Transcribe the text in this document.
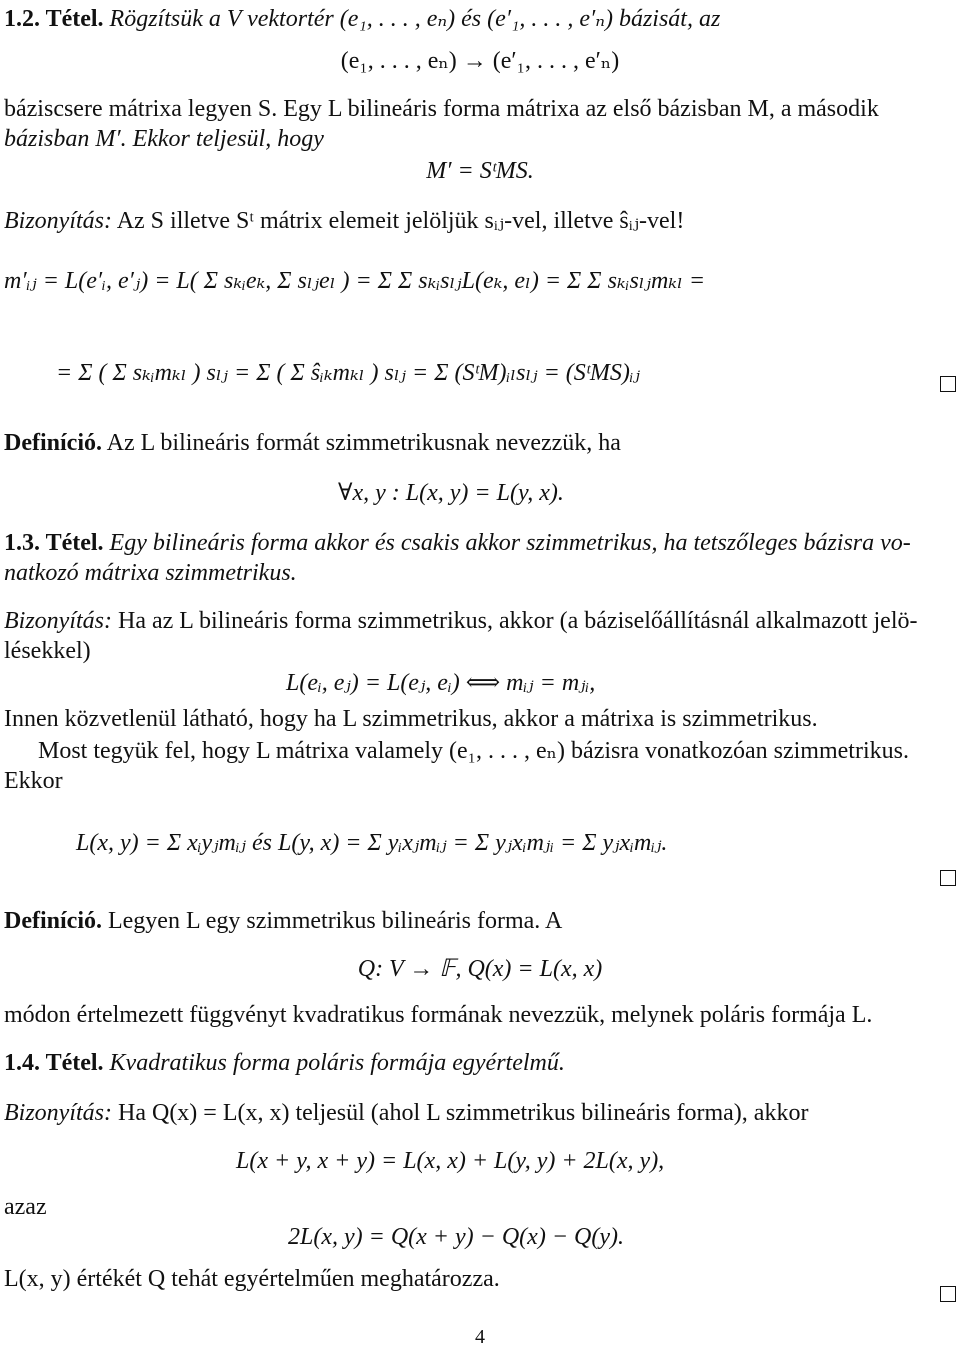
1.2. Tétel. Rögzítsük a V vektortér (e₁, . . . , eₙ) és (e′₁, . . . , e′ₙ) bázisát, az
(e₁, . . . , eₙ) → (e′₁, . . . , e′ₙ)
báziscsere mátrixa legyen S. Egy L bilineáris forma mátrixa az első bázisban M, a második
bázisban M′. Ekkor teljesül, hogy
M′ = SᵗMS.
Bizonyítás: Az S illetve Sᵗ mátrix elemeit jelöljük sᵢⱼ-vel, illetve ŝᵢⱼ-vel!
m′ᵢⱼ = L(e′ᵢ, e′ⱼ) = L( Σ sₖᵢeₖ, Σ sₗⱼeₗ ) = Σ Σ sₖᵢsₗⱼL(eₖ, eₗ) = Σ Σ sₖᵢsₗⱼmₖₗ =
= Σ ( Σ sₖᵢmₖₗ ) sₗⱼ = Σ ( Σ ŝᵢₖmₖₗ ) sₗⱼ = Σ (SᵗM)ᵢₗsₗⱼ = (SᵗMS)ᵢⱼ
Definíció. Az L bilineáris formát szimmetrikusnak nevezzük, ha
∀x, y : L(x, y) = L(y, x).
1.3. Tétel. Egy bilineáris forma akkor és csakis akkor szimmetrikus, ha tetszőleges bázisra vo-
natkozó mátrixa szimmetrikus.
Bizonyítás: Ha az L bilineáris forma szimmetrikus, akkor (a báziselőállításnál alkalmazott jelö-
lésekkel)
L(eᵢ, eⱼ) = L(eⱼ, eᵢ) ⟺ mᵢⱼ = mⱼᵢ,
Innen közvetlenül látható, hogy ha L szimmetrikus, akkor a mátrixa is szimmetrikus.
Most tegyük fel, hogy L mátrixa valamely (e₁, . . . , eₙ) bázisra vonatkozóan szimmetrikus.
Ekkor
L(x, y) = Σ xᵢyⱼmᵢⱼ és L(y, x) = Σ yᵢxⱼmᵢⱼ = Σ yⱼxᵢmⱼᵢ = Σ yⱼxᵢmᵢⱼ.
Definíció. Legyen L egy szimmetrikus bilineáris forma. A
Q: V → 𝔽, Q(x) = L(x, x)
módon értelmezett függvényt kvadratikus formának nevezzük, melynek poláris formája L.
1.4. Tétel. Kvadratikus forma poláris formája egyértelmű.
Bizonyítás: Ha Q(x) = L(x, x) teljesül (ahol L szimmetrikus bilineáris forma), akkor
L(x + y, x + y) = L(x, x) + L(y, y) + 2L(x, y),
azaz
2L(x, y) = Q(x + y) − Q(x) − Q(y).
L(x, y) értékét Q tehát egyértelműen meghatározza.
4
